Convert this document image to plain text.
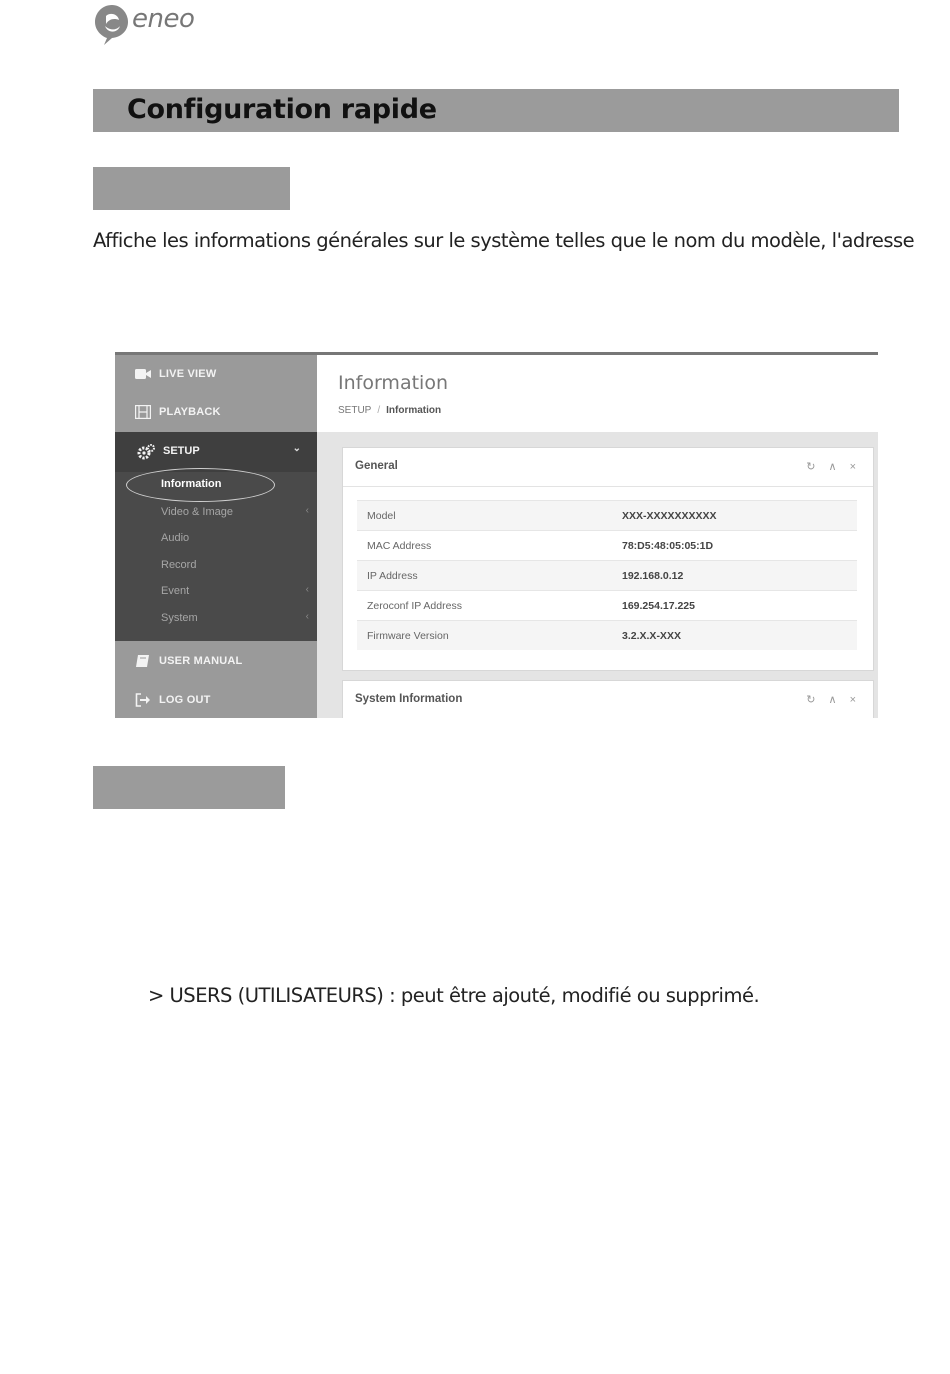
eneo
Configuration rapide
Affiche les informations générales sur le système telles que le nom du modèle, l'adresse
LIVE VIEW
PLAYBACK
SETUP	⌄
Information
Video & Image	‹
Audio
Record
Event	‹
System	‹
USER MANUAL
LOG OUT
Information
SETUP / Information
General	↻ ∧ ×
Model	XXX-XXXXXXXXXX
MAC Address	78:D5:48:05:05:1D
IP Address	192.168.0.12
Zeroconf IP Address	169.254.17.225
Firmware Version	3.2.X.X-XXX
System Information	↻ ∧ ×
> USERS (UTILISATEURS) : peut être ajouté, modifié ou supprimé.
